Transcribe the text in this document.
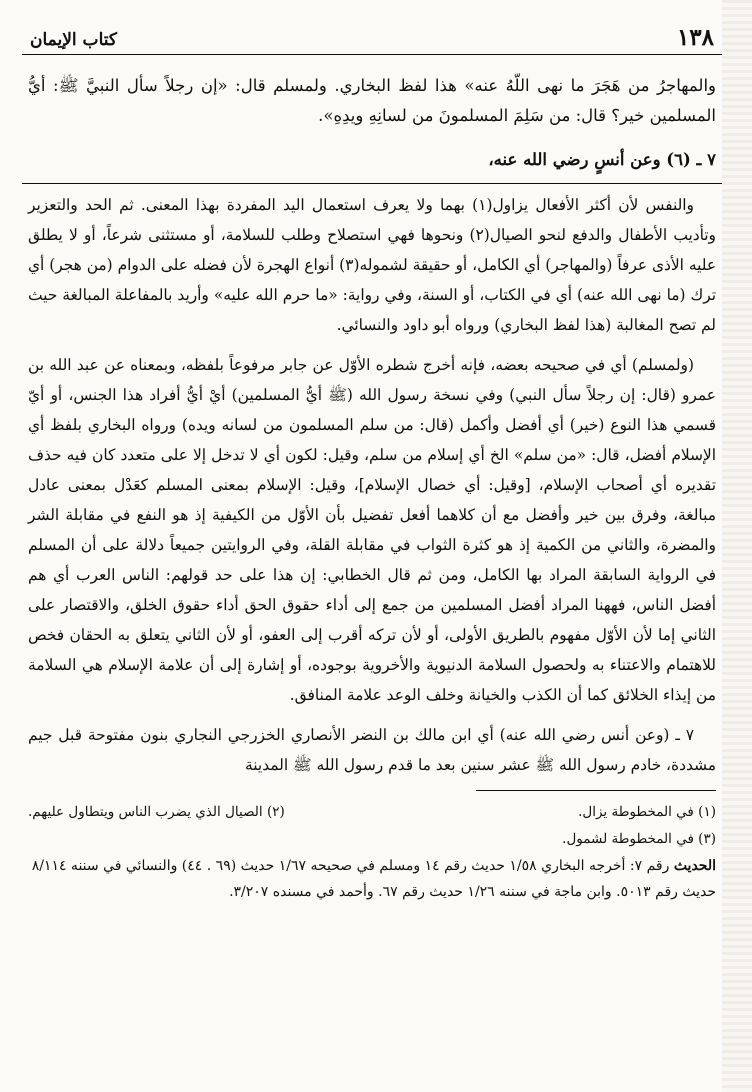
١٣٨
كتاب الإيمان

والمهاجرُ من هَجَرَ ما نهى اللّهُ عنه» هذا لفظ البخاري. ولمسلم قال: «إن رجلاً سأل النبيَّ ﷺ: أيُّ المسلمين خير؟ قال: من سَلِمَ المسلمونَ من لسانِهِ ويدِهِ».

٧ ـ (٦) وعن أنسٍ رضي الله عنه،

والنفس لأن أكثر الأفعال يزاول(١) بهما ولا يعرف استعمال اليد المفردة بهذا المعنى. ثم الحد والتعزير وتأديب الأطفال والدفع لنحو الصيال(٢) ونحوها فهي استصلاح وطلب للسلامة، أو مستثنى شرعاً، أو لا يطلق عليه الأذى عرفاً (والمهاجر) أي الكامل، أو حقيقة لشموله(٣) أنواع الهجرة لأن فضله على الدوام (من هجر) أي ترك (ما نهى الله عنه) أي في الكتاب، أو السنة، وفي رواية: «ما حرم الله عليه» وأريد بالمفاعلة المبالغة حيث لم تصح المغالبة (هذا لفظ البخاري) ورواه أبو داود والنسائي.

(ولمسلم) أي في صحيحه بعضه، فإنه أخرج شطره الأوّل عن جابر مرفوعاً بلفظه، وبمعناه عن عبد الله بن عمرو (قال: إن رجلاً سأل النبي) وفي نسخة رسول الله (ﷺ أيُّ المسلمين) أيْ أيُّ أفراد هذا الجنس، أو أيّ قسمي هذا النوع (خير) أي أفضل وأكمل (قال: من سلم المسلمون من لسانه ويده) ورواه البخاري بلفظ أي الإسلام أفضل، قال: «من سلم» الخ أي إسلام من سلم، وقيل: لكون أي لا تدخل إلا على متعدد كان فيه حذف تقديره أي أصحاب الإسلام، [وقيل: أي خصال الإسلام]، وقيل: الإسلام بمعنى المسلم كعَدْل بمعنى عادل مبالغة، وفرق بين خير وأفضل مع أن كلاهما أفعل تفضيل بأن الأوّل من الكيفية إذ هو النفع في مقابلة الشر والمضرة، والثاني من الكمية إذ هو كثرة الثواب في مقابلة القلة، وفي الروايتين جميعاً دلالة على أن المسلم في الرواية السابقة المراد بها الكامل، ومن ثم قال الخطابي: إن هذا على حد قولهم: الناس العرب أي هم أفضل الناس، فههنا المراد أفضل المسلمين من جمع إلى أداء حقوق الحق أداء حقوق الخلق، والاقتصار على الثاني إما لأن الأوّل مفهوم بالطريق الأولى، أو لأن تركه أقرب إلى العفو، أو لأن الثاني يتعلق به الحقان فخص للاهتمام والاعتناء به ولحصول السلامة الدنيوية والأخروية بوجوده، أو إشارة إلى أن علامة الإسلام هي السلامة من إيذاء الخلائق كما أن الكذب والخيانة وخلف الوعد علامة المنافق.

٧ ـ (وعن أنس رضي الله عنه) أي ابن مالك بن النضر الأنصاري الخزرجي النجاري بنون مفتوحة قبل جيم مشددة، خادم رسول الله ﷺ عشر سنين بعد ما قدم رسول الله ﷺ المدينة

(١) في المخطوطة يزال.
(٢) الصيال الذي يضرب الناس ويتطاول عليهم.
(٣) في المخطوطة لشمول.
الحديث رقم ٧: أخرجه البخاري ١/٥٨ حديث رقم ١٤ ومسلم في صحيحه ١/٦٧ حديث (٦٩ . ٤٤) والنسائي في سننه ٨/١١٤ حديث رقم ٥٠١٣. وابن ماجة في سننه ١/٢٦ حديث رقم ٦٧. وأحمد في مسنده ٣/٢٠٧.
